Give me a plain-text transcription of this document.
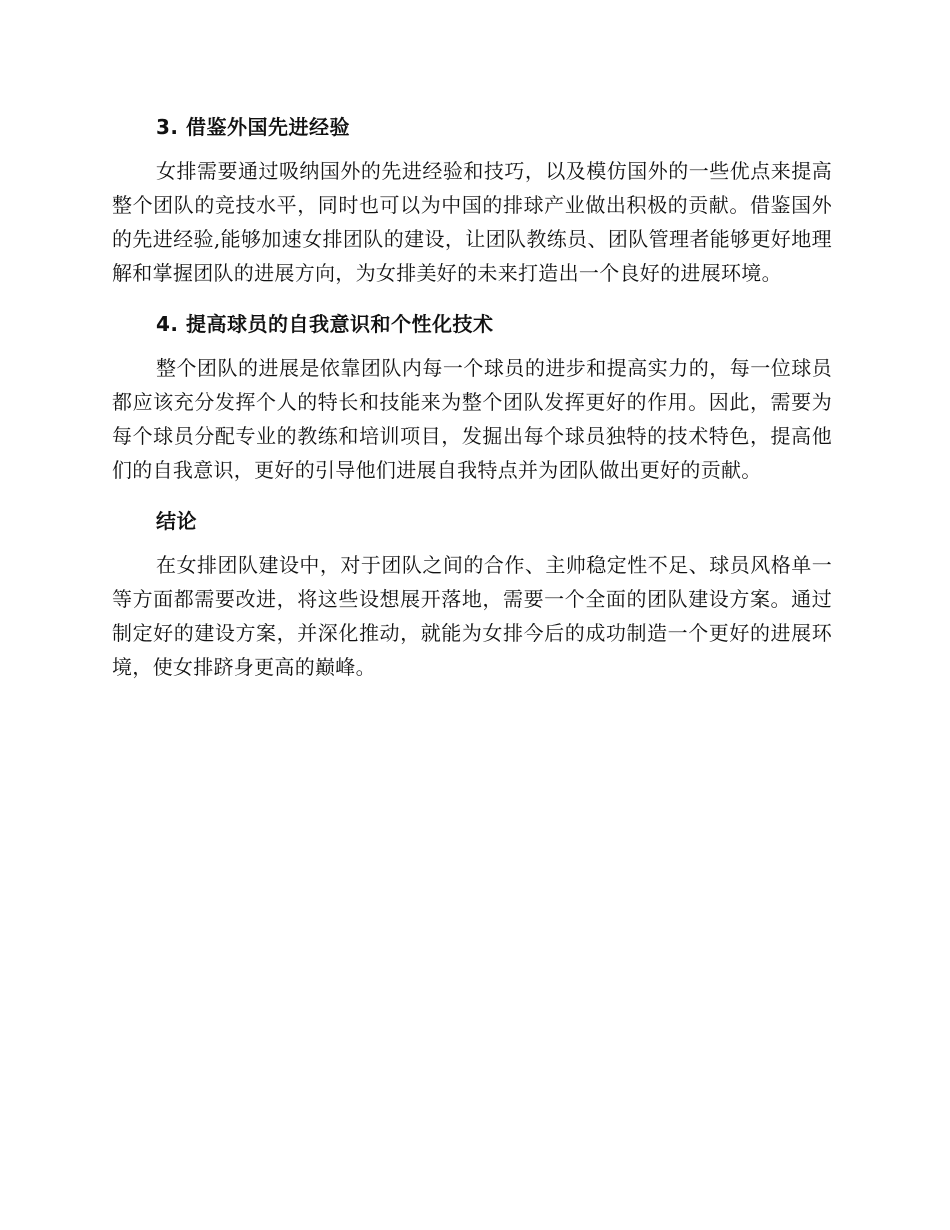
3. 借鉴外国先进经验

女排需要通过吸纳国外的先进经验和技巧，以及模仿国外的一些优点来提高整个团队的竞技水平，同时也可以为中国的排球产业做出积极的贡献。借鉴国外的先进经验,能够加速女排团队的建设，让团队教练员、团队管理者能够更好地理解和掌握团队的进展方向，为女排美好的未来打造出一个良好的进展环境。

4. 提高球员的自我意识和个性化技术

整个团队的进展是依靠团队内每一个球员的进步和提高实力的，每一位球员都应该充分发挥个人的特长和技能来为整个团队发挥更好的作用。因此，需要为每个球员分配专业的教练和培训项目，发掘出每个球员独特的技术特色，提高他们的自我意识，更好的引导他们进展自我特点并为团队做出更好的贡献。

结论

在女排团队建设中，对于团队之间的合作、主帅稳定性不足、球员风格单一等方面都需要改进，将这些设想展开落地，需要一个全面的团队建设方案。通过制定好的建设方案，并深化推动，就能为女排今后的成功制造一个更好的进展环境，使女排跻身更高的巅峰。
